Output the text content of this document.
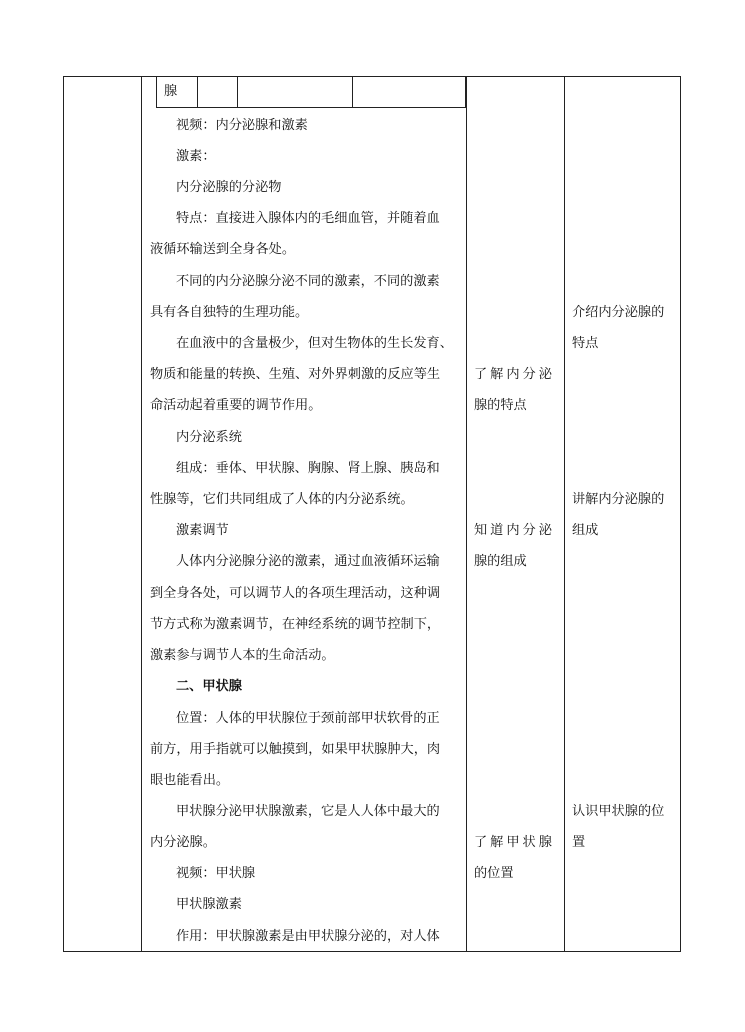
腺
视频：内分泌腺和激素
激素：
内分泌腺的分泌物
特点：直接进入腺体内的毛细血管，并随着血
液循环输送到全身各处。
不同的内分泌腺分泌不同的激素，不同的激素
具有各自独特的生理功能。
在血液中的含量极少，但对生物体的生长发育、
物质和能量的转换、生殖、对外界刺激的反应等生
命活动起着重要的调节作用。
内分泌系统
组成：垂体、甲状腺、胸腺、肾上腺、胰岛和
性腺等，它们共同组成了人体的内分泌系统。
激素调节
人体内分泌腺分泌的激素，通过血液循环运输
到全身各处，可以调节人的各项生理活动，这种调
节方式称为激素调节，在神经系统的调节控制下，
激素参与调节人本的生命活动。
二、甲状腺
位置：人体的甲状腺位于颈前部甲状软骨的正
前方，用手指就可以触摸到，如果甲状腺肿大，肉
眼也能看出。
甲状腺分泌甲状腺激素，它是人人体中最大的
内分泌腺。
视频：甲状腺
甲状腺激素
作用：甲状腺激素是由甲状腺分泌的，对人体
了解内分泌
腺的特点
知道内分泌
腺的组成
了解甲状腺
的位置
介绍内分泌腺的
特点
讲解内分泌腺的
组成
认识甲状腺的位
置
